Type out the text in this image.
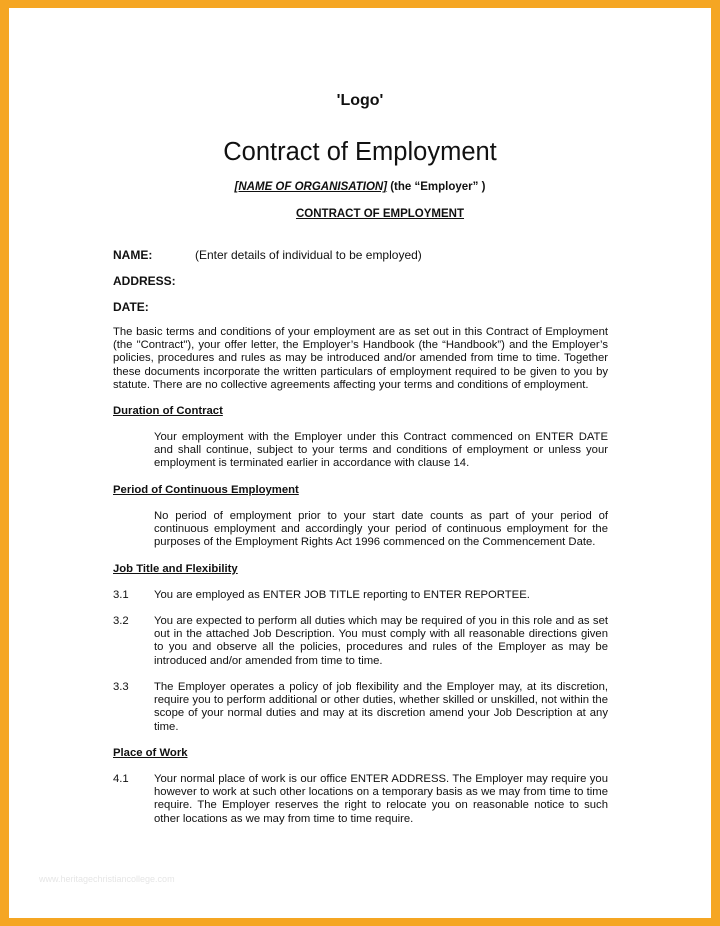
'Logo'
Contract of Employment
[NAME OF ORGANISATION] (the “Employer” )
CONTRACT OF EMPLOYMENT
NAME:	(Enter details of individual to be employed)
ADDRESS:
DATE:
The basic terms and conditions of your employment are as set out in this Contract of Employment (the "Contract"), your offer letter, the Employer’s Handbook (the “Handbook”) and the Employer’s policies, procedures and rules as may be introduced and/or amended from time to time. Together these documents incorporate the written particulars of employment required to be given to you by statute. There are no collective agreements affecting your terms and conditions of employment.
Duration of Contract
Your employment with the Employer under this Contract commenced on ENTER DATE and shall continue, subject to your terms and conditions of employment or unless your employment is terminated earlier in accordance with clause 14.
Period of Continuous Employment
No period of employment prior to your start date counts as part of your period of continuous employment and accordingly your period of continuous employment for the purposes of the Employment Rights Act 1996 commenced on the Commencement Date.
Job Title and Flexibility
3.1 You are employed as ENTER JOB TITLE reporting to ENTER REPORTEE.
3.2 You are expected to perform all duties which may be required of you in this role and as set out in the attached Job Description. You must comply with all reasonable directions given to you and observe all the policies, procedures and rules of the Employer as may be introduced and/or amended from time to time.
3.3 The Employer operates a policy of job flexibility and the Employer may, at its discretion, require you to perform additional or other duties, whether skilled or unskilled, not within the scope of your normal duties and may at its discretion amend your Job Description at any time.
Place of Work
4.1 Your normal place of work is our office ENTER ADDRESS. The Employer may require you however to work at such other locations on a temporary basis as we may from time to time require. The Employer reserves the right to relocate you on reasonable notice to such other locations as we may from time to time require.
www.heritagechristiancollege.com
